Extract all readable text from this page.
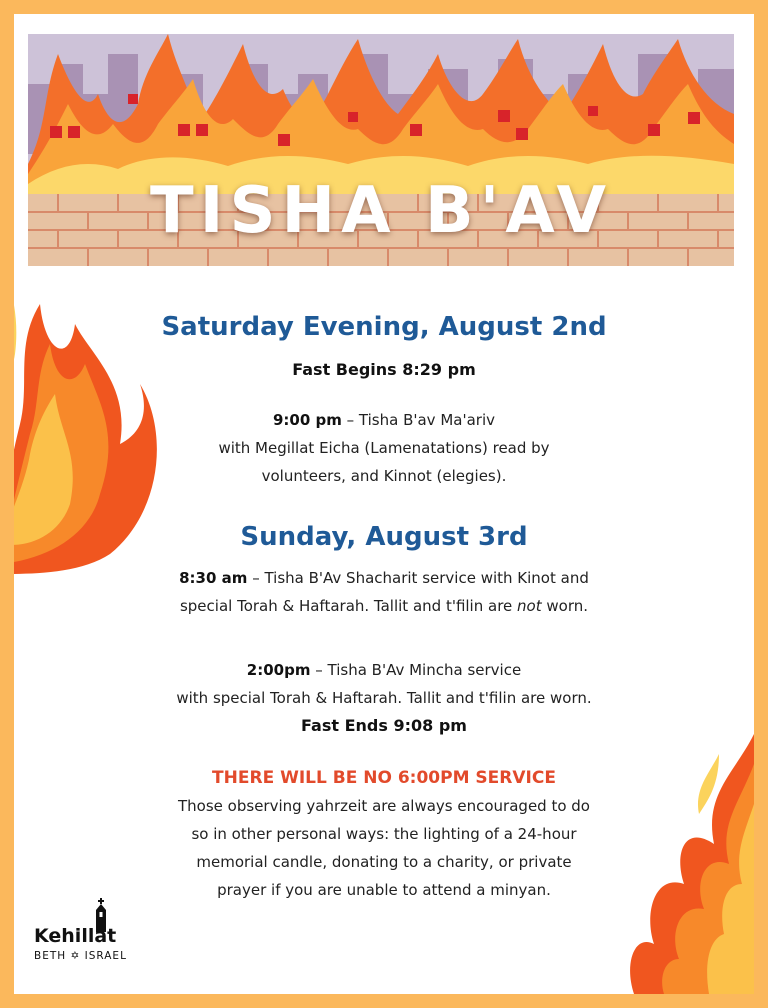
TISHA B'AV
Saturday Evening, August 2nd
Fast Begins 8:29 pm
9:00 pm – Tisha B'av Ma'ariv
with Megillat Eicha (Lamenatations) read by
volunteers, and Kinnot (elegies).
Sunday, August 3rd
8:30 am – Tisha B'Av Shacharit service with Kinot and
special Torah & Haftarah. Tallit and t'filin are not worn.
2:00pm – Tisha B'Av Mincha service
with special Torah & Haftarah. Tallit and t'filin are worn.
Fast Ends 9:08 pm
THERE WILL BE NO 6:00PM SERVICE
Those observing yahrzeit are always encouraged to do
so in other personal ways: the lighting of a 24-hour
memorial candle, donating to a charity, or private
prayer if you are unable to attend a minyan.
Kehillat
BETH ✡ ISRAEL
